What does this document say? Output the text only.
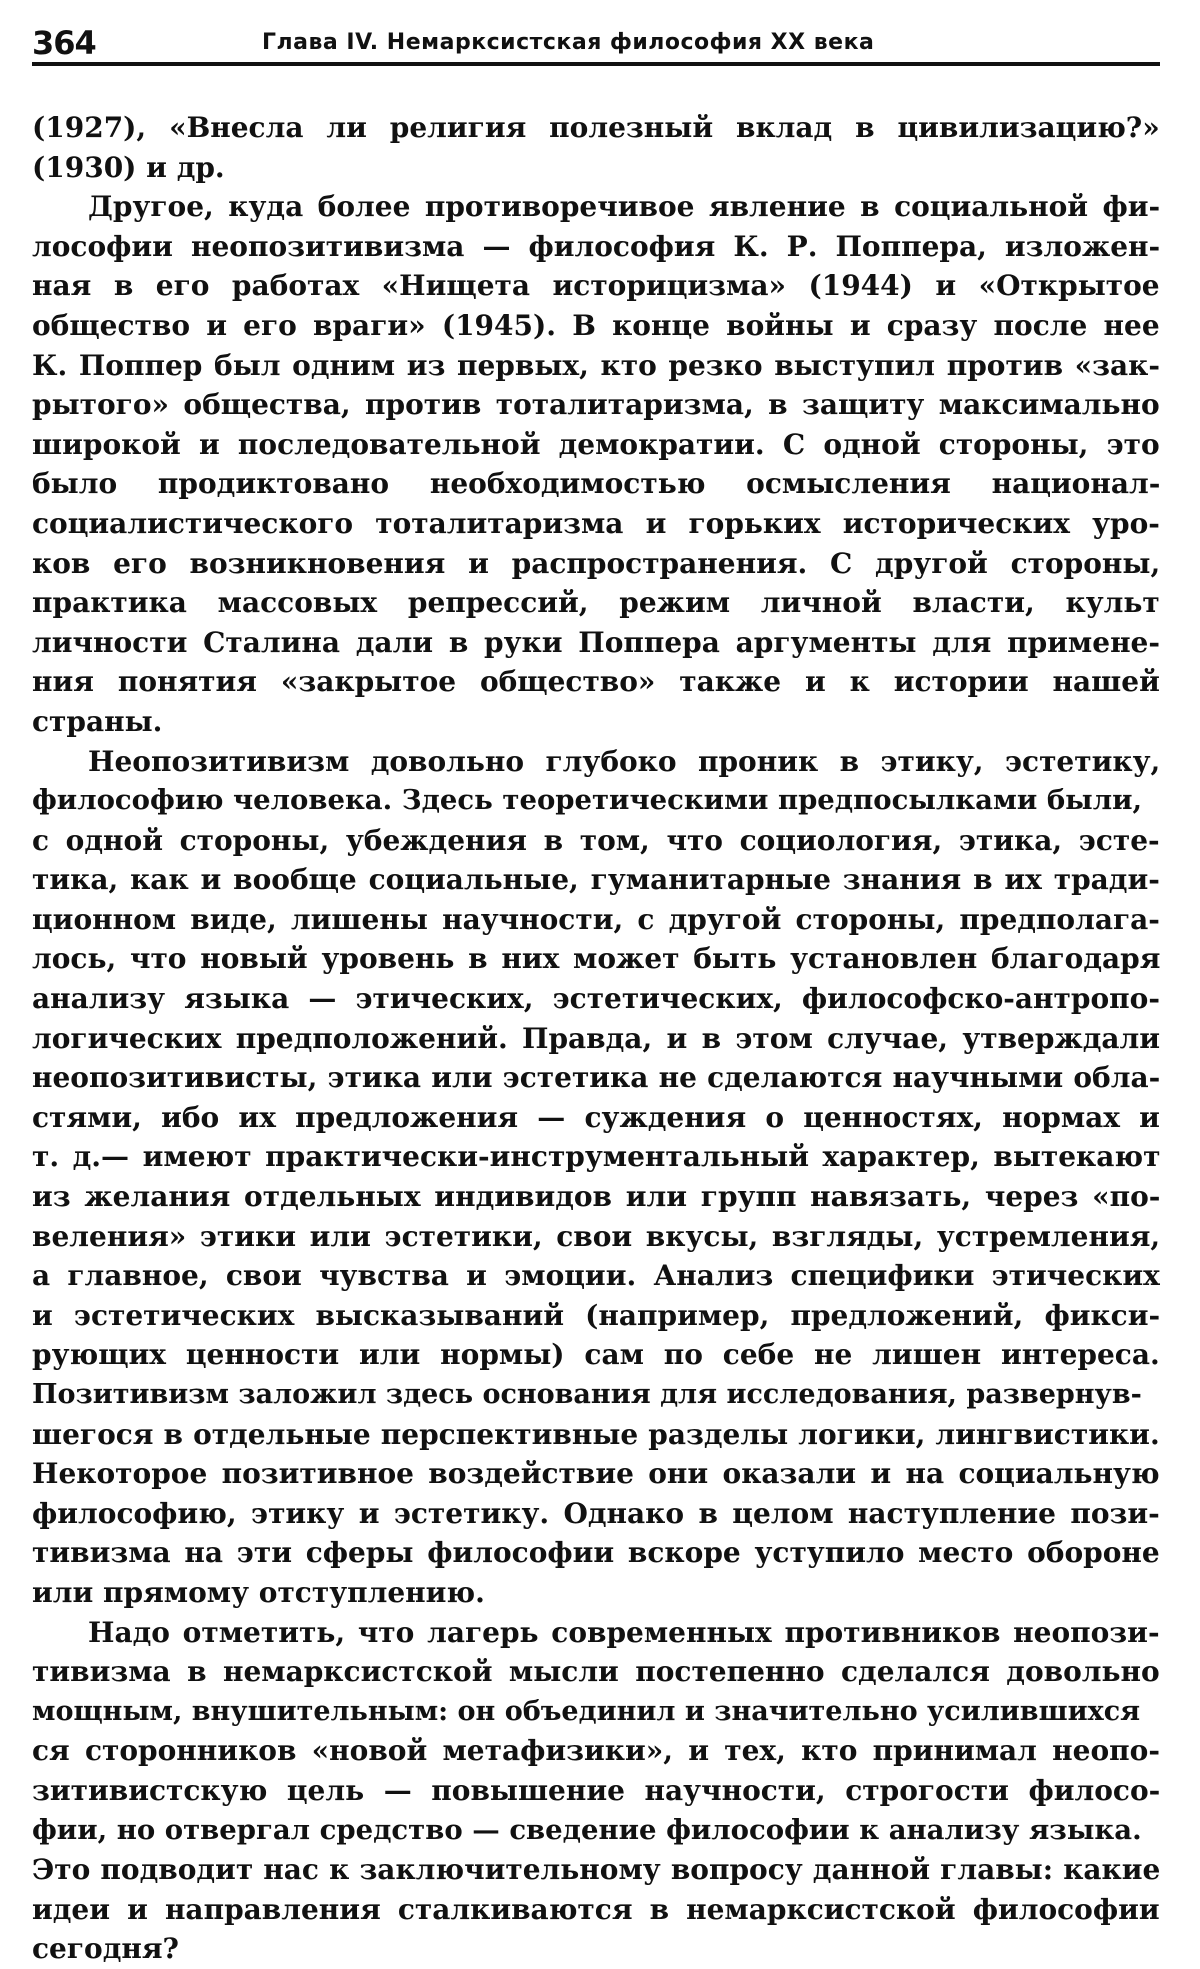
364	Глава IV. Немарксистская философия XX века
(1927), «Внесла ли религия полезный вклад в цивилизацию?»
(1930) и др.
Другое, куда более противоречивое явление в социальной фи-
лософии неопозитивизма — философия К. Р. Поппера, изложен-
ная в его работах «Нищета историцизма» (1944) и «Открытое
общество и его враги» (1945). В конце войны и сразу после нее
К. Поппер был одним из первых, кто резко выступил против «зак-
рытого» общества, против тоталитаризма, в защиту максимально
широкой и последовательной демократии. С одной стороны, это
было продиктовано необходимостью осмысления национал-
социалистического тоталитаризма и горьких исторических уро-
ков его возникновения и распространения. С другой стороны,
практика массовых репрессий, режим личной власти, культ
личности Сталина дали в руки Поппера аргументы для примене-
ния понятия «закрытое общество» также и к истории нашей
страны.
Неопозитивизм довольно глубоко проник в этику, эстетику,
философию человека. Здесь теоретическими предпосылками были,
с одной стороны, убеждения в том, что социология, этика, эсте-
тика, как и вообще социальные, гуманитарные знания в их тради-
ционном виде, лишены научности, с другой стороны, предполага-
лось, что новый уровень в них может быть установлен благодаря
анализу языка — этических, эстетических, философско-антропо-
логических предположений. Правда, и в этом случае, утверждали
неопозитивисты, этика или эстетика не сделаются научными обла-
стями, ибо их предложения — суждения о ценностях, нормах и
т. д.— имеют практически-инструментальный характер, вытекают
из желания отдельных индивидов или групп навязать, через «по-
веления» этики или эстетики, свои вкусы, взгляды, устремления,
а главное, свои чувства и эмоции. Анализ специфики этических
и эстетических высказываний (например, предложений, фикси-
рующих ценности или нормы) сам по себе не лишен интереса.
Позитивизм заложил здесь основания для исследования, развернув-
шегося в отдельные перспективные разделы логики, лингвистики.
Некоторое позитивное воздействие они оказали и на социальную
философию, этику и эстетику. Однако в целом наступление пози-
тивизма на эти сферы философии вскоре уступило место обороне
или прямому отступлению.
Надо отметить, что лагерь современных противников неопози-
тивизма в немарксистской мысли постепенно сделался довольно
мощным, внушительным: он объединил и значительно усилившихся
ся сторонников «новой метафизики», и тех, кто принимал неопо-
зитивистскую цель — повышение научности, строгости филосо-
фии, но отвергал средство — сведение философии к анализу языка.
Это подводит нас к заключительному вопросу данной главы: какие
идеи и направления сталкиваются в немарксистской философии
сегодня?
